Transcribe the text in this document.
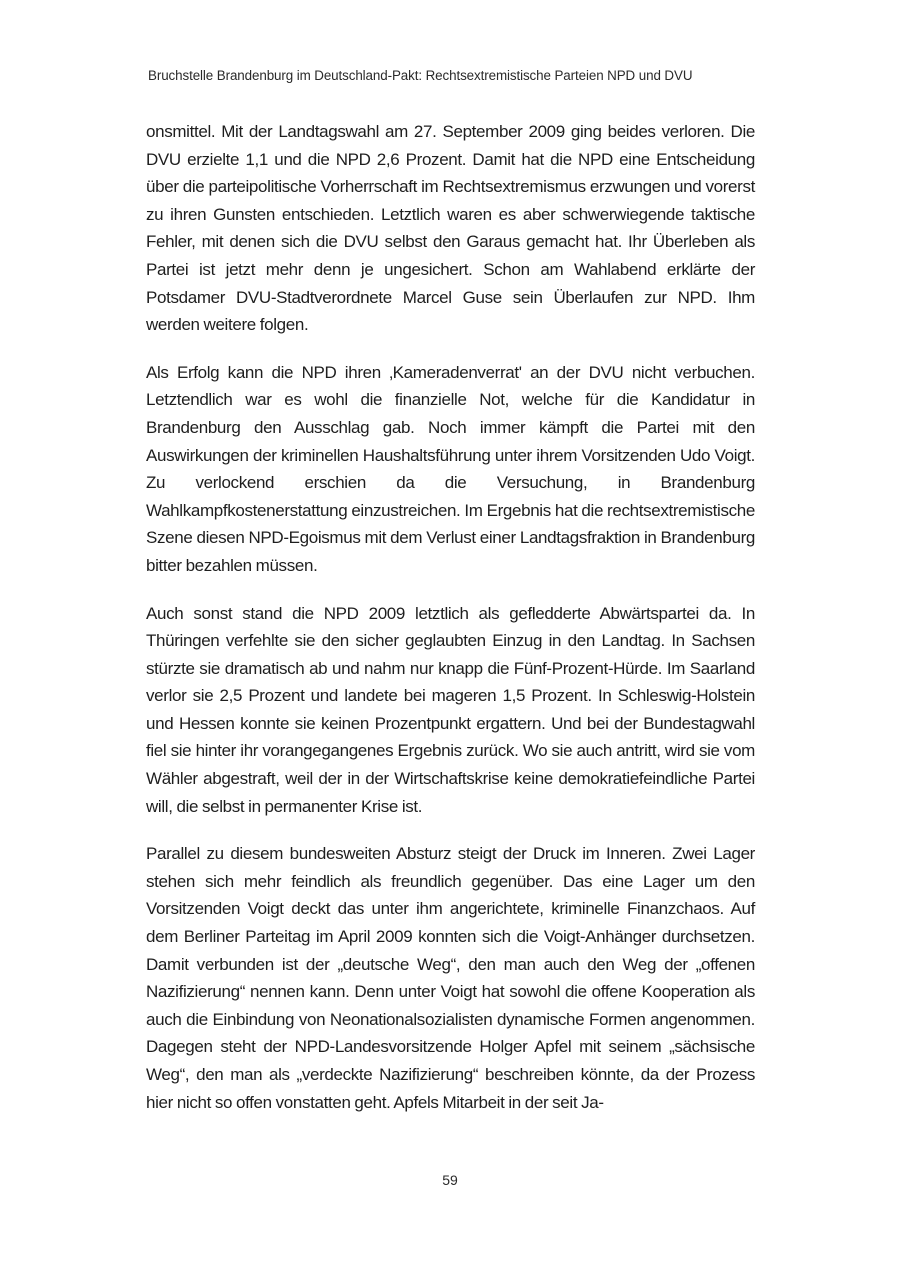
Bruchstelle Brandenburg im Deutschland-Pakt: Rechtsextremistische Parteien NPD und DVU

onsmittel. Mit der Landtagswahl am 27. September 2009 ging beides verloren. Die DVU erzielte 1,1 und die NPD 2,6 Prozent. Damit hat die NPD eine Entscheidung über die parteipolitische Vorherrschaft im Rechtsextremismus erzwungen und vorerst zu ihren Gunsten entschieden. Letztlich waren es aber schwerwiegende taktische Fehler, mit denen sich die DVU selbst den Garaus gemacht hat. Ihr Überleben als Partei ist jetzt mehr denn je ungesichert. Schon am Wahlabend erklärte der Potsdamer DVU-Stadtverordnete Marcel Guse sein Überlaufen zur NPD. Ihm werden weitere folgen.

Als Erfolg kann die NPD ihren ‚Kameradenverrat' an der DVU nicht verbuchen. Letztendlich war es wohl die finanzielle Not, welche für die Kandidatur in Brandenburg den Ausschlag gab. Noch immer kämpft die Partei mit den Auswirkungen der kriminellen Haushaltsführung unter ihrem Vorsitzenden Udo Voigt. Zu verlockend erschien da die Versuchung, in Brandenburg Wahlkampfkostenerstattung einzustreichen. Im Ergebnis hat die rechtsextremistische Szene diesen NPD-Egoismus mit dem Verlust einer Landtagsfraktion in Brandenburg bitter bezahlen müssen.

Auch sonst stand die NPD 2009 letztlich als gefledderte Abwärtspartei da. In Thüringen verfehlte sie den sicher geglaubten Einzug in den Landtag. In Sachsen stürzte sie dramatisch ab und nahm nur knapp die Fünf-Prozent-Hürde. Im Saarland verlor sie 2,5 Prozent und landete bei mageren 1,5 Prozent. In Schleswig-Holstein und Hessen konnte sie keinen Prozentpunkt ergattern. Und bei der Bundestagwahl fiel sie hinter ihr vorangegangenes Ergebnis zurück. Wo sie auch antritt, wird sie vom Wähler abgestraft, weil der in der Wirtschaftskrise keine demokratiefeindliche Partei will, die selbst in permanenter Krise ist.

Parallel zu diesem bundesweiten Absturz steigt der Druck im Inneren. Zwei Lager stehen sich mehr feindlich als freundlich gegenüber. Das eine Lager um den Vorsitzenden Voigt deckt das unter ihm angerichtete, kriminelle Finanzchaos. Auf dem Berliner Parteitag im April 2009 konnten sich die Voigt-Anhänger durchsetzen. Damit verbunden ist der „deutsche Weg“, den man auch den Weg der „offenen Nazifizierung“ nennen kann. Denn unter Voigt hat sowohl die offene Kooperation als auch die Einbindung von Neonationalsozialisten dynamische Formen angenommen. Dagegen steht der NPD-Landesvorsitzende Holger Apfel mit seinem „sächsische Weg“, den man als „verdeckte Nazifizierung“ beschreiben könnte, da der Prozess hier nicht so offen vonstatten geht. Apfels Mitarbeit in der seit Ja-

59
